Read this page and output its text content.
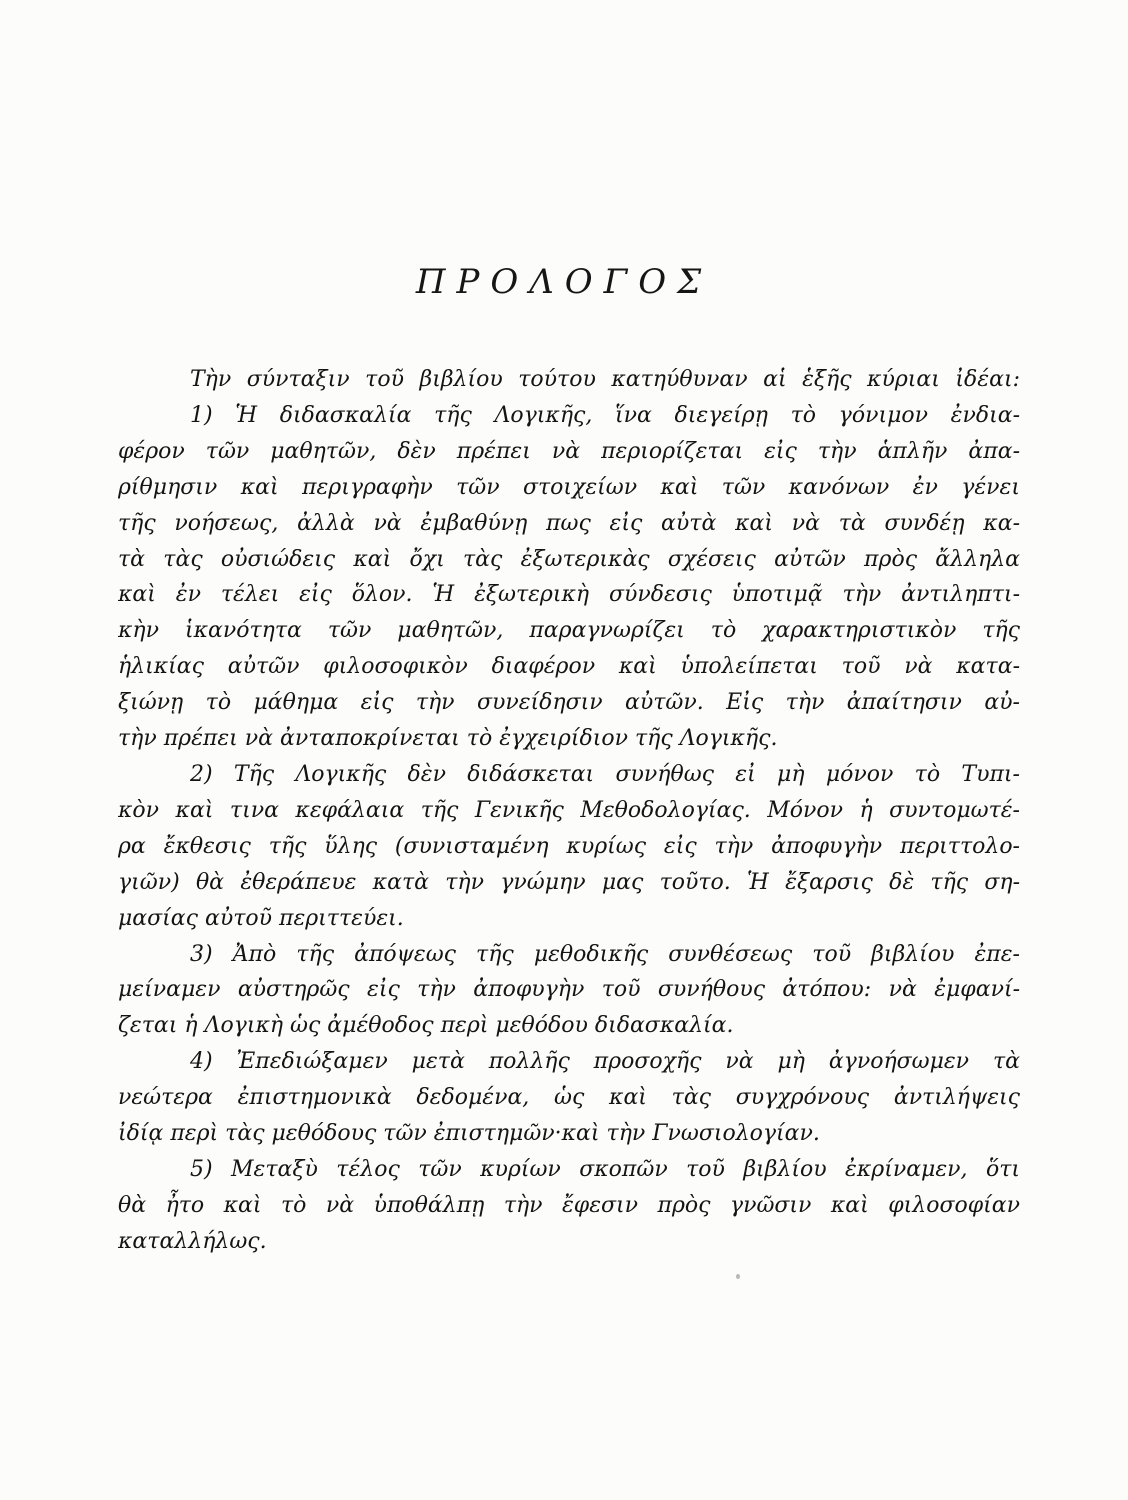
ΠΡΟΛΟΓΟΣ
Τὴν σύνταξιν τοῦ βιβλίου τούτου κατηύθυναν αἱ ἑξῆς κύριαι ἰδέαι:
1) Ἡ διδασκαλία τῆς Λογικῆς, ἵνα διεγείρῃ τὸ γόνιμον ἐνδια-
φέρον τῶν μαθητῶν, δὲν πρέπει νὰ περιορίζεται εἰς τὴν ἁπλῆν ἀπα-
ρίθμησιν καὶ περιγραφὴν τῶν στοιχείων καὶ τῶν κανόνων ἐν γένει
τῆς νοήσεως, ἀλλὰ νὰ ἐμβαθύνῃ πως εἰς αὐτὰ καὶ νὰ τὰ συνδέῃ κα-
τὰ τὰς οὐσιώδεις καὶ ὄχι τὰς ἐξωτερικὰς σχέσεις αὐτῶν πρὸς ἄλληλα
καὶ ἐν τέλει εἰς ὅλον. Ἡ ἐξωτερικὴ σύνδεσις ὑποτιμᾷ τὴν ἀντιληπτι-
κὴν ἱκανότητα τῶν μαθητῶν, παραγνωρίζει τὸ χαρακτηριστικὸν τῆς
ἡλικίας αὐτῶν φιλοσοφικὸν διαφέρον καὶ ὑπολείπεται τοῦ νὰ κατα-
ξιώνῃ τὸ μάθημα εἰς τὴν συνείδησιν αὐτῶν. Εἰς τὴν ἀπαίτησιν αὐ-
τὴν πρέπει νὰ ἀνταποκρίνεται τὸ ἐγχειρίδιον τῆς Λογικῆς.
2) Τῆς Λογικῆς δὲν διδάσκεται συνήθως εἰ μὴ μόνον τὸ Τυπι-
κὸν καὶ τινα κεφάλαια τῆς Γενικῆς Μεθοδολογίας. Μόνον ἡ συντομωτέ-
ρα ἔκθεσις τῆς ὕλης (συνισταμένη κυρίως εἰς τὴν ἀποφυγὴν περιττολο-
γιῶν) θὰ ἐθεράπευε κατὰ τὴν γνώμην μας τοῦτο. Ἡ ἔξαρσις δὲ τῆς ση-
μασίας αὐτοῦ περιττεύει.
3) Ἀπὸ τῆς ἀπόψεως τῆς μεθοδικῆς συνθέσεως τοῦ βιβλίου ἐπε-
μείναμεν αὐστηρῶς εἰς τὴν ἀποφυγὴν τοῦ συνήθους ἀτόπου: νὰ ἐμφανί-
ζεται ἡ Λογικὴ ὡς ἀμέθοδος περὶ μεθόδου διδασκαλία.
4) Ἐπεδιώξαμεν μετὰ πολλῆς προσοχῆς νὰ μὴ ἀγνοήσωμεν τὰ
νεώτερα ἐπιστημονικὰ δεδομένα, ὡς καὶ τὰς συγχρόνους ἀντιλήψεις
ἰδίᾳ περὶ τὰς μεθόδους τῶν ἐπιστημῶν·καὶ τὴν Γνωσιολογίαν.
5) Μεταξὺ τέλος τῶν κυρίων σκοπῶν τοῦ βιβλίου ἐκρίναμεν, ὅτι
θὰ ἦτο καὶ τὸ νὰ ὑποθάλπῃ τὴν ἔφεσιν πρὸς γνῶσιν καὶ φιλοσοφίαν
καταλλήλως.
